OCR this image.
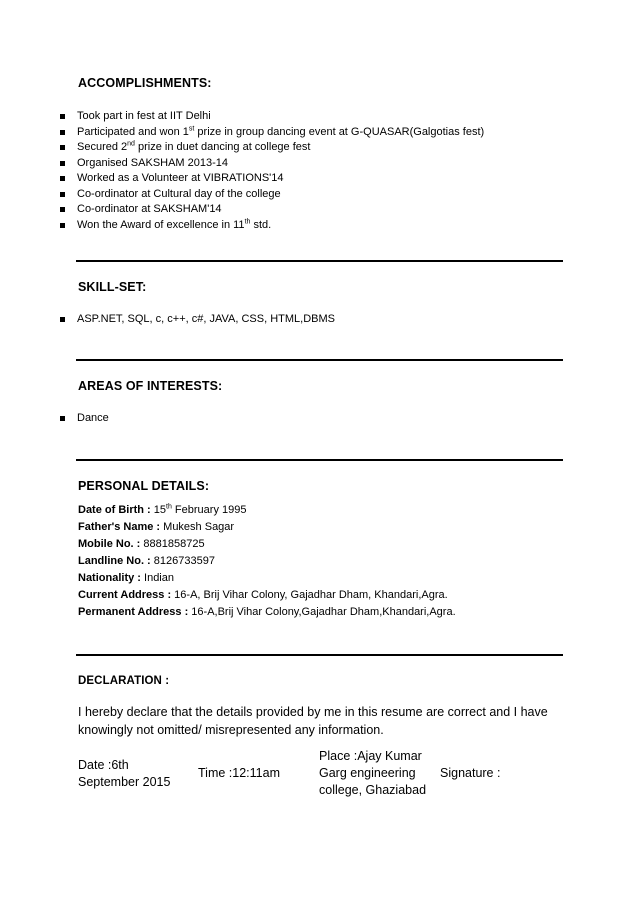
ACCOMPLISHMENTS:
Took part in fest at IIT Delhi
Participated and won 1st prize in group dancing event at G-QUASAR(Galgotias fest)
Secured 2nd prize in duet dancing at college fest
Organised SAKSHAM 2013-14
Worked as a Volunteer at VIBRATIONS'14
Co-ordinator at Cultural day of the college
Co-ordinator at SAKSHAM'14
Won the Award of excellence in 11th std.
SKILL-SET:
ASP.NET, SQL, c, c++, c#, JAVA, CSS, HTML,DBMS
AREAS OF INTERESTS:
Dance
PERSONAL DETAILS:
Date of Birth : 15th February 1995
Father's Name : Mukesh Sagar
Mobile No. : 8881858725
Landline No. : 8126733597
Nationality : Indian
Current Address : 16-A, Brij Vihar Colony, Gajadhar Dham, Khandari,Agra.
Permanent Address : 16-A,Brij Vihar Colony,Gajadhar Dham,Khandari,Agra.
DECLARATION :
I hereby declare that the details provided by me in this resume are correct and I have knowingly not omitted/ misrepresented any information.
Date :6th September 2015
Time :12:11am
Place :Ajay Kumar Garg engineering college, Ghaziabad
Signature :
